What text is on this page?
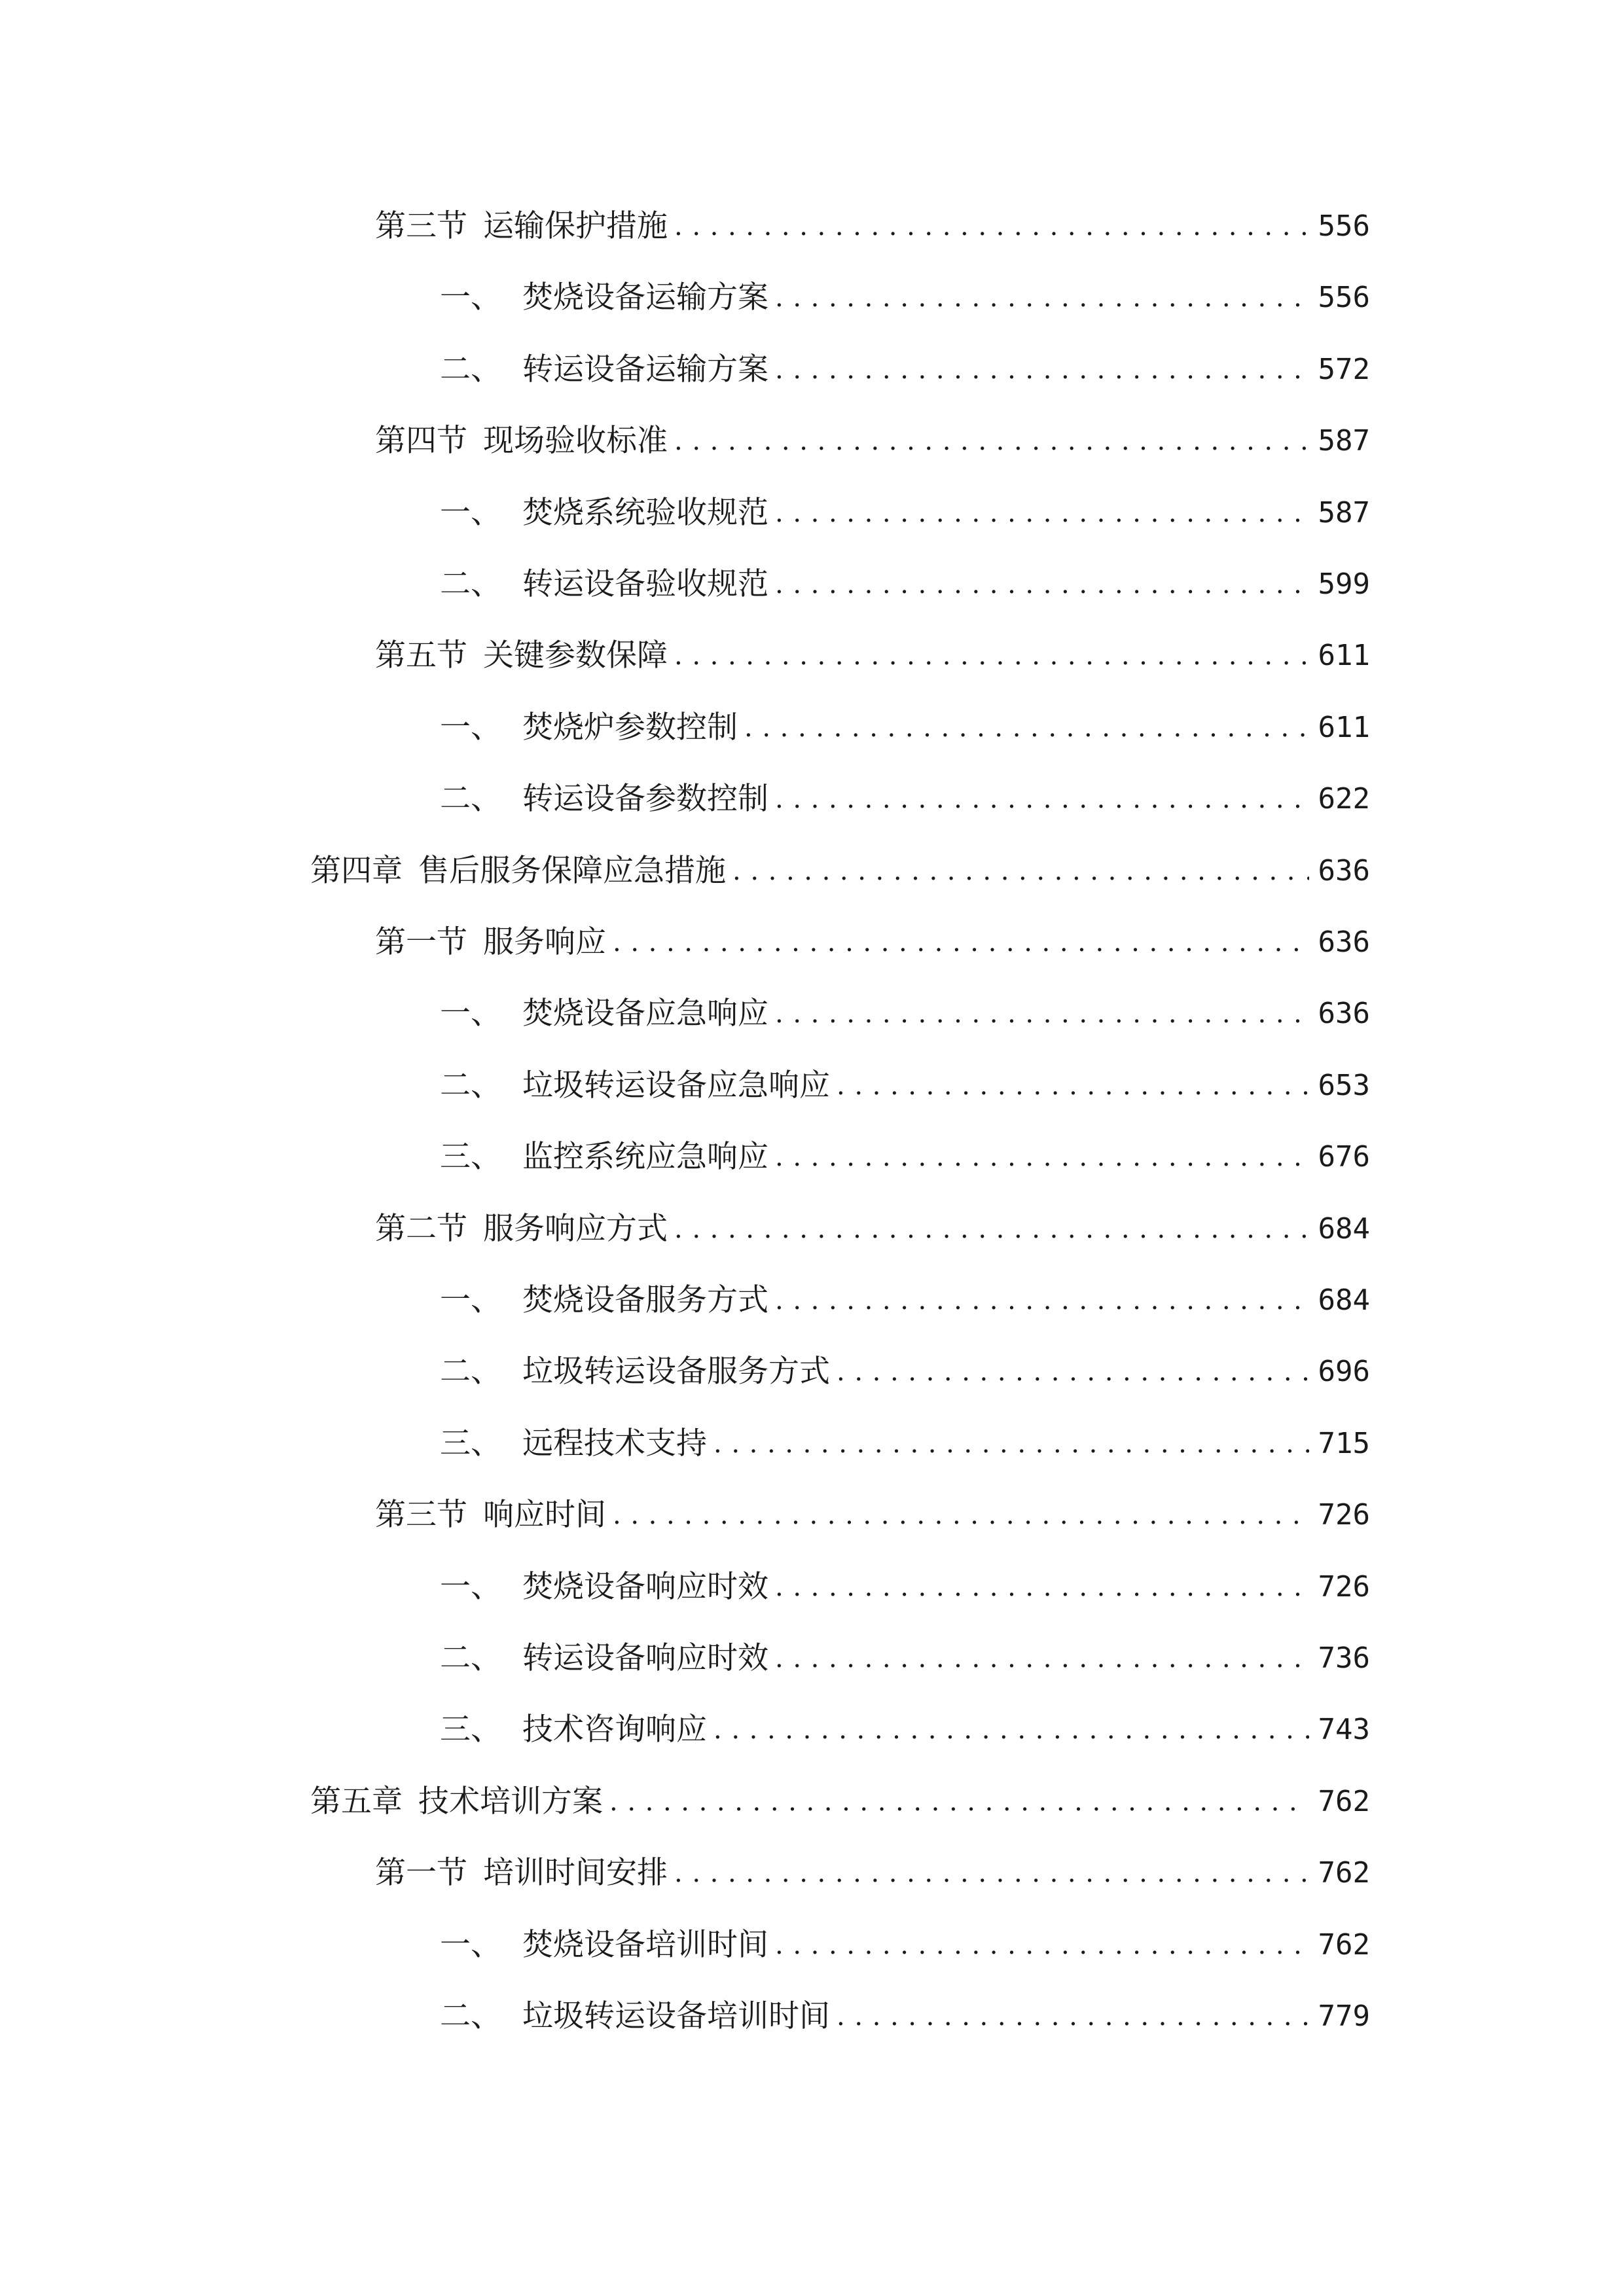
第三节 运输保护措施 .....	556
一、 焚烧设备运输方案 .....	556
二、 转运设备运输方案 .....	572
第四节 现场验收标准 .....	587
一、 焚烧系统验收规范 .....	587
二、 转运设备验收规范 .....	599
第五节 关键参数保障 .....	611
一、 焚烧炉参数控制 .....	611
二、 转运设备参数控制 .....	622
第四章 售后服务保障应急措施 .....	636
第一节 服务响应 .....	636
一、 焚烧设备应急响应 .....	636
二、 垃圾转运设备应急响应 .....	653
三、 监控系统应急响应 .....	676
第二节 服务响应方式 .....	684
一、 焚烧设备服务方式 .....	684
二、 垃圾转运设备服务方式 .....	696
三、 远程技术支持 .....	715
第三节 响应时间 .....	726
一、 焚烧设备响应时效 .....	726
二、 转运设备响应时效 .....	736
三、 技术咨询响应 .....	743
第五章 技术培训方案 .....	762
第一节 培训时间安排 .....	762
一、 焚烧设备培训时间 .....	762
二、 垃圾转运设备培训时间 .....	779
